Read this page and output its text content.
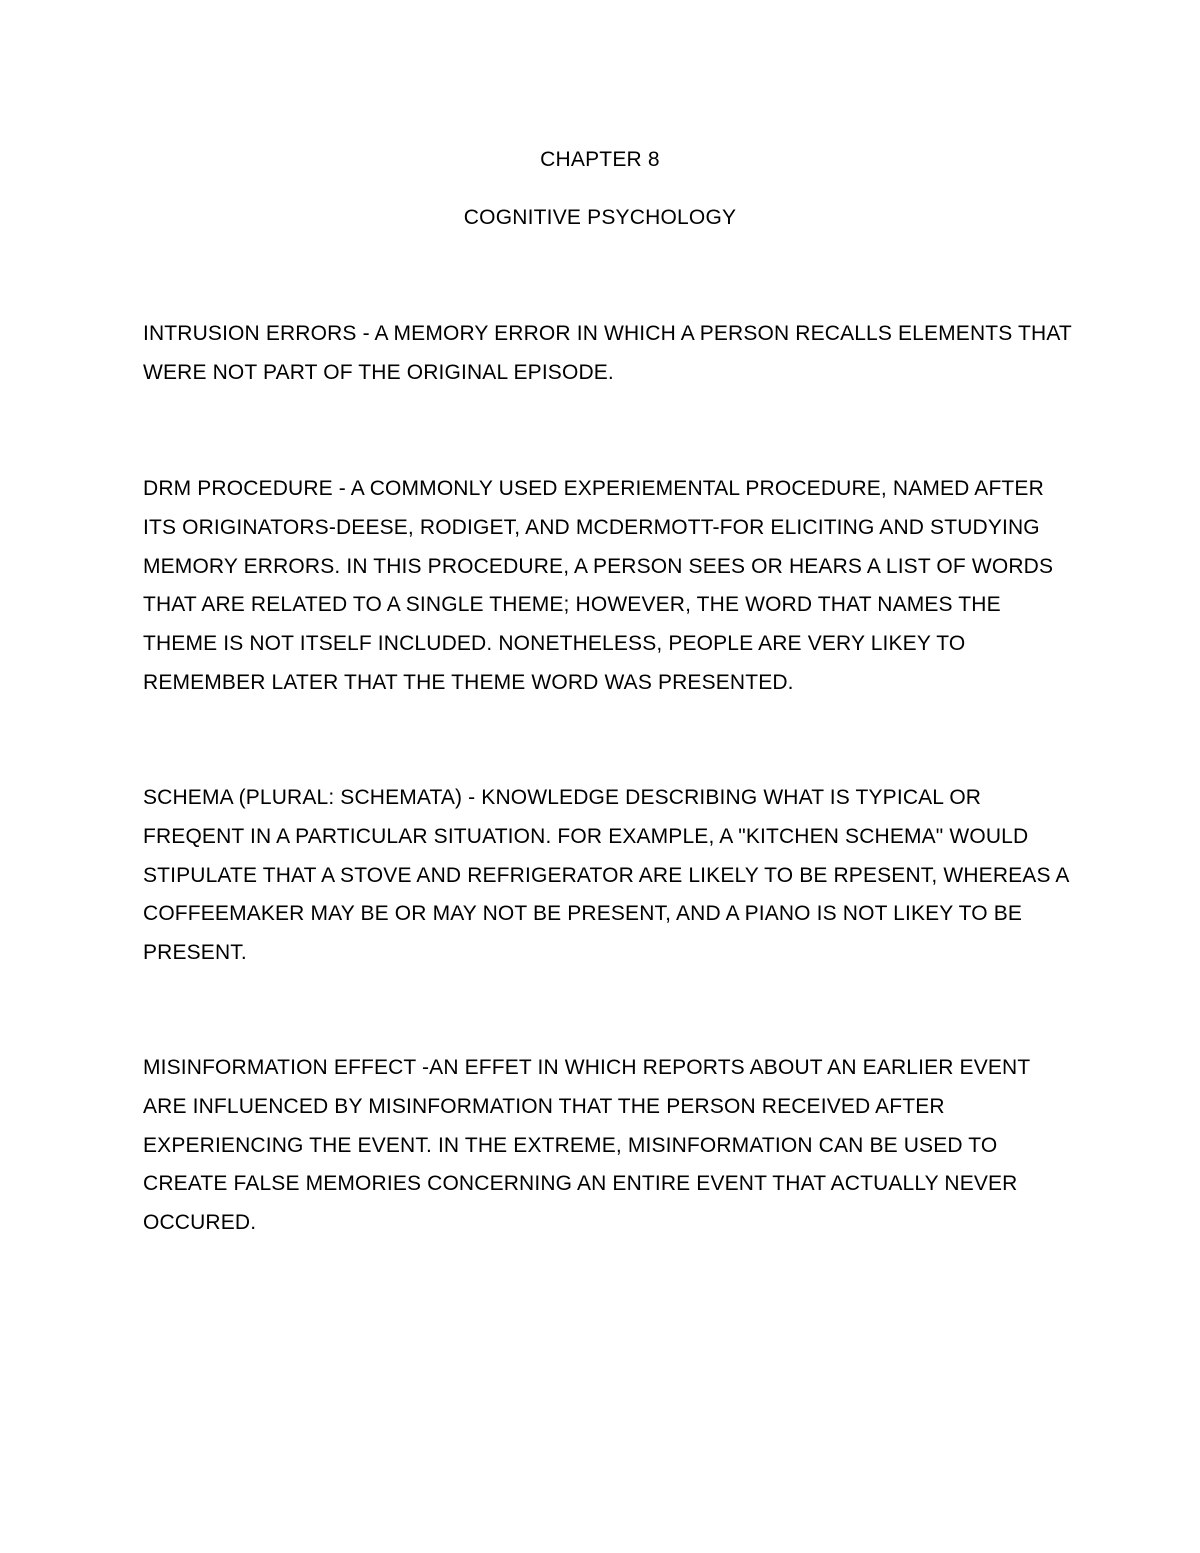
CHAPTER 8
COGNITIVE PSYCHOLOGY
INTRUSION ERRORS - A MEMORY ERROR IN WHICH A PERSON RECALLS ELEMENTS THAT WERE NOT PART OF THE ORIGINAL EPISODE.
DRM PROCEDURE - A COMMONLY USED EXPERIEMENTAL PROCEDURE, NAMED AFTER ITS ORIGINATORS-DEESE, RODIGET, AND MCDERMOTT-FOR ELICITING AND STUDYING MEMORY ERRORS. IN THIS PROCEDURE, A PERSON SEES OR HEARS A LIST OF WORDS THAT ARE RELATED TO A SINGLE THEME; HOWEVER, THE WORD THAT NAMES THE THEME IS NOT ITSELF INCLUDED. NONETHELESS, PEOPLE ARE VERY LIKEY TO REMEMBER LATER THAT THE THEME WORD WAS PRESENTED.
SCHEMA (PLURAL: SCHEMATA) - KNOWLEDGE DESCRIBING WHAT IS TYPICAL OR FREQENT IN A PARTICULAR SITUATION. FOR EXAMPLE, A "KITCHEN SCHEMA" WOULD STIPULATE THAT A STOVE AND REFRIGERATOR ARE LIKELY TO BE RPESENT, WHEREAS A COFFEEMAKER MAY BE OR MAY NOT BE PRESENT, AND A PIANO IS NOT LIKEY TO BE PRESENT.
MISINFORMATION EFFECT -AN EFFET IN WHICH REPORTS ABOUT AN EARLIER EVENT ARE INFLUENCED BY MISINFORMATION THAT THE PERSON RECEIVED AFTER EXPERIENCING THE EVENT. IN THE EXTREME, MISINFORMATION CAN BE USED TO CREATE FALSE MEMORIES CONCERNING AN ENTIRE EVENT THAT ACTUALLY NEVER OCCURED.
